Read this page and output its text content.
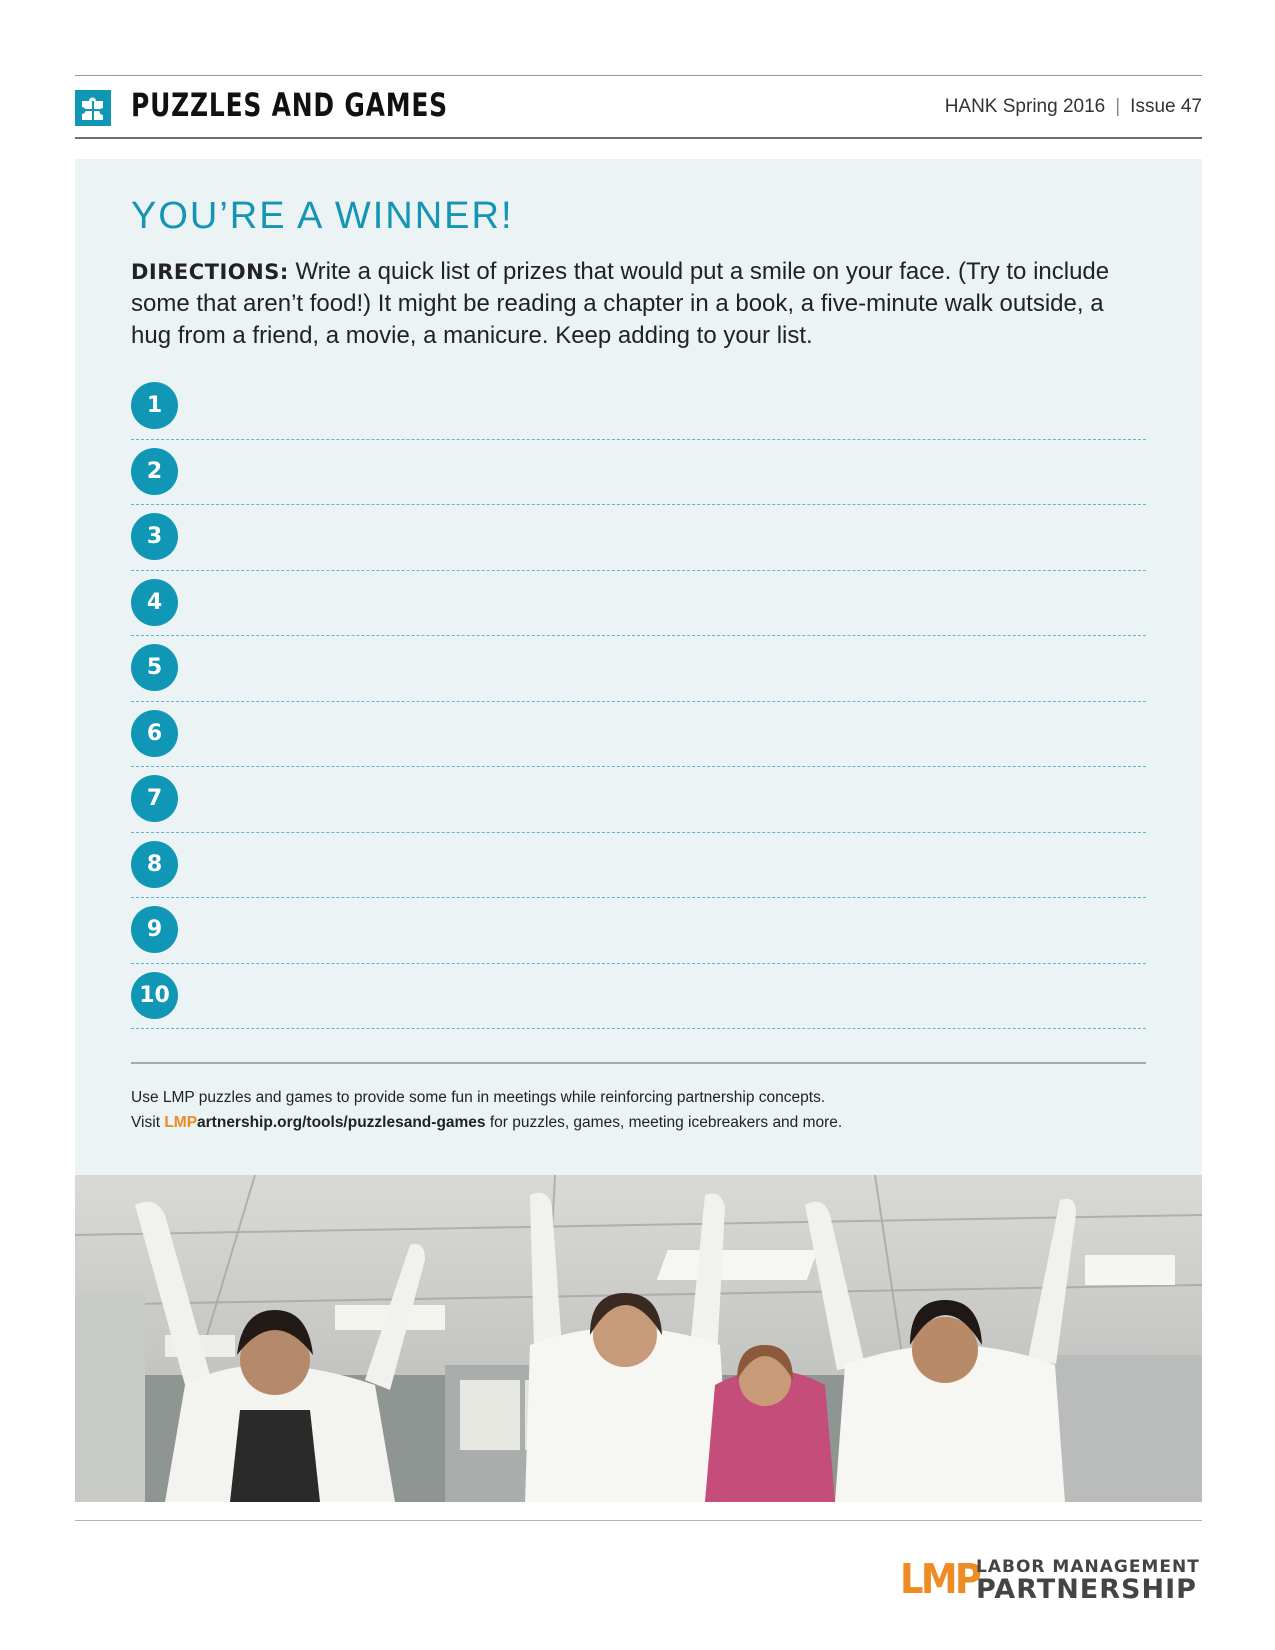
PUZZLES AND GAMES	HANK Spring 2016 | Issue 47
YOU’RE A WINNER!

DIRECTIONS: Write a quick list of prizes that would put a smile on your face. (Try to include some that aren’t food!) It might be reading a chapter in a book, a five-minute walk outside, a hug from a friend, a movie, a manicure. Keep adding to your list.

1
2
3
4
5
6
7
8
9
10
Use LMP puzzles and games to provide some fun in meetings while reinforcing partnership concepts.
Visit LMPartnership.org/tools/puzzlesand-games for puzzles, games, meeting icebreakers and more.
LMP
LABOR MANAGEMENT
PARTNERSHIP
